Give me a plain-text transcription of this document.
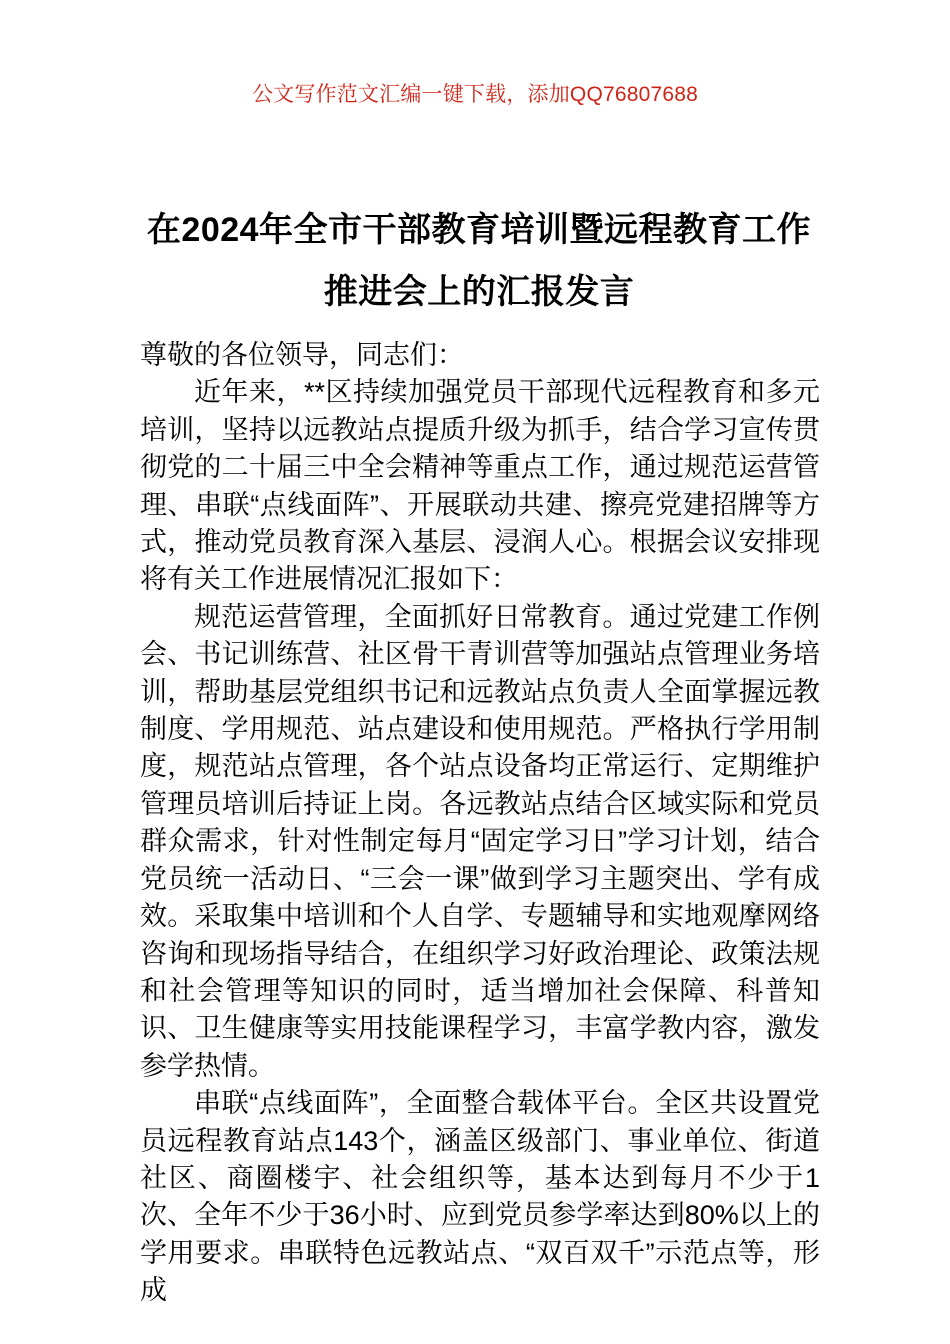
公文写作范文汇编一键下载，添加QQ76807688
在2024年全市干部教育培训暨远程教育工作推进会上的汇报发言

尊敬的各位领导，同志们：

近年来，**区持续加强党员干部现代远程教育和多元培训，坚持以远教站点提质升级为抓手，结合学习宣传贯彻党的二十届三中全会精神等重点工作，通过规范运营管理、串联“点线面阵”、开展联动共建、擦亮党建招牌等方式，推动党员教育深入基层、浸润人心。根据会议安排现将有关工作进展情况汇报如下：

规范运营管理，全面抓好日常教育。通过党建工作例会、书记训练营、社区骨干青训营等加强站点管理业务培训，帮助基层党组织书记和远教站点负责人全面掌握远教制度、学用规范、站点建设和使用规范。严格执行学用制度，规范站点管理，各个站点设备均正常运行、定期维护管理员培训后持证上岗。各远教站点结合区域实际和党员群众需求，针对性制定每月“固定学习日”学习计划，结合党员统一活动日、“三会一课”做到学习主题突出、学有成效。采取集中培训和个人自学、专题辅导和实地观摩网络咨询和现场指导结合，在组织学习好政治理论、政策法规和社会管理等知识的同时，适当增加社会保障、科普知识、卫生健康等实用技能课程学习，丰富学教内容，激发参学热情。

串联“点线面阵”，全面整合载体平台。全区共设置党员远程教育站点143个，涵盖区级部门、事业单位、街道社区、商圈楼宇、社会组织等，基本达到每月不少于1次、全年不少于36小时、应到党员参学率达到80%以上的学用要求。串联特色远教站点、“双百双千”示范点等，形成
